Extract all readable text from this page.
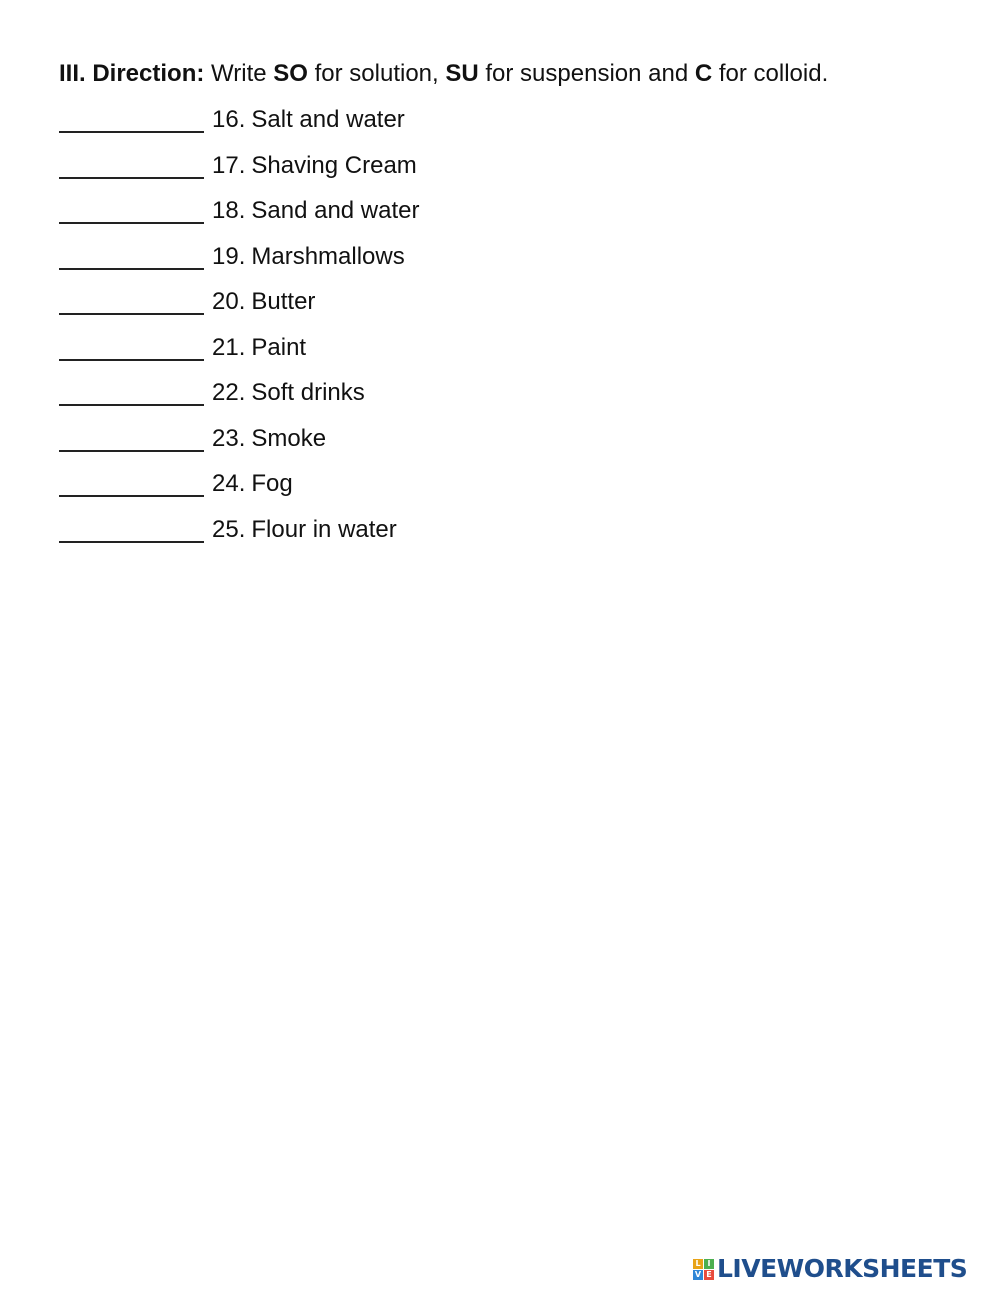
III. Direction: Write SO for solution, SU for suspension and C for colloid.

16. Salt and water
17. Shaving Cream
18. Sand and water
19. Marshmallows
20. Butter
21. Paint
22. Soft drinks
23. Smoke
24. Fog
25. Flour in water
L I
V E LIVEWORKSHEETS
